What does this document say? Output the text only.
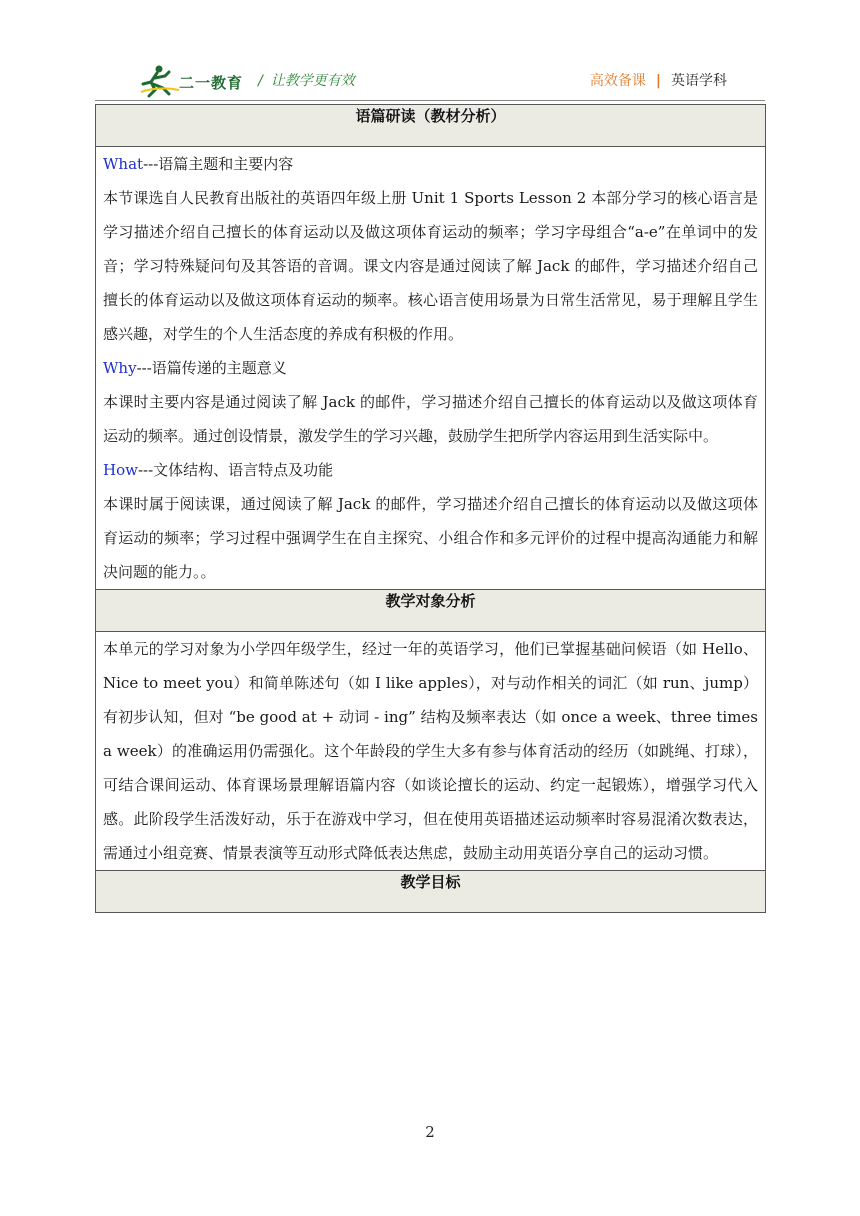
二一教育 / 让教学更有效	高效备课 | 英语学科
语篇研读（教材分析）

What---语篇主题和主要内容

本节课选自人民教育出版社的英语四年级上册 Unit 1 Sports Lesson 2 本部分学习的核心语言是学习描述介绍自己擅长的体育运动以及做这项体育运动的频率；学习字母组合“a-e”在单词中的发音；学习特殊疑问句及其答语的音调。课文内容是通过阅读了解 Jack 的邮件，学习描述介绍自己擅长的体育运动以及做这项体育运动的频率。核心语言使用场景为日常生活常见，易于理解且学生感兴趣，对学生的个人生活态度的养成有积极的作用。

Why---语篇传递的主题意义

本课时主要内容是通过阅读了解 Jack 的邮件，学习描述介绍自己擅长的体育运动以及做这项体育运动的频率。通过创设情景，激发学生的学习兴趣，鼓励学生把所学内容运用到生活实际中。

How---文体结构、语言特点及功能

本课时属于阅读课，通过阅读了解 Jack 的邮件，学习描述介绍自己擅长的体育运动以及做这项体育运动的频率；学习过程中强调学生在自主探究、小组合作和多元评价的过程中提高沟通能力和解决问题的能力。。

教学对象分析

本单元的学习对象为小学四年级学生，经过一年的英语学习，他们已掌握基础问候语（如 Hello、Nice to meet you）和简单陈述句（如 I like apples），对与动作相关的词汇（如 run、jump）有初步认知，但对 “be good at + 动词 - ing” 结构及频率表达（如 once a week、three times a week）的准确运用仍需强化。这个年龄段的学生大多有参与体育活动的经历（如跳绳、打球），可结合课间运动、体育课场景理解语篇内容（如谈论擅长的运动、约定一起锻炼），增强学习代入感。此阶段学生活泼好动，乐于在游戏中学习，但在使用英语描述运动频率时容易混淆次数表达，需通过小组竞赛、情景表演等互动形式降低表达焦虑，鼓励主动用英语分享自己的运动习惯。

教学目标
2
